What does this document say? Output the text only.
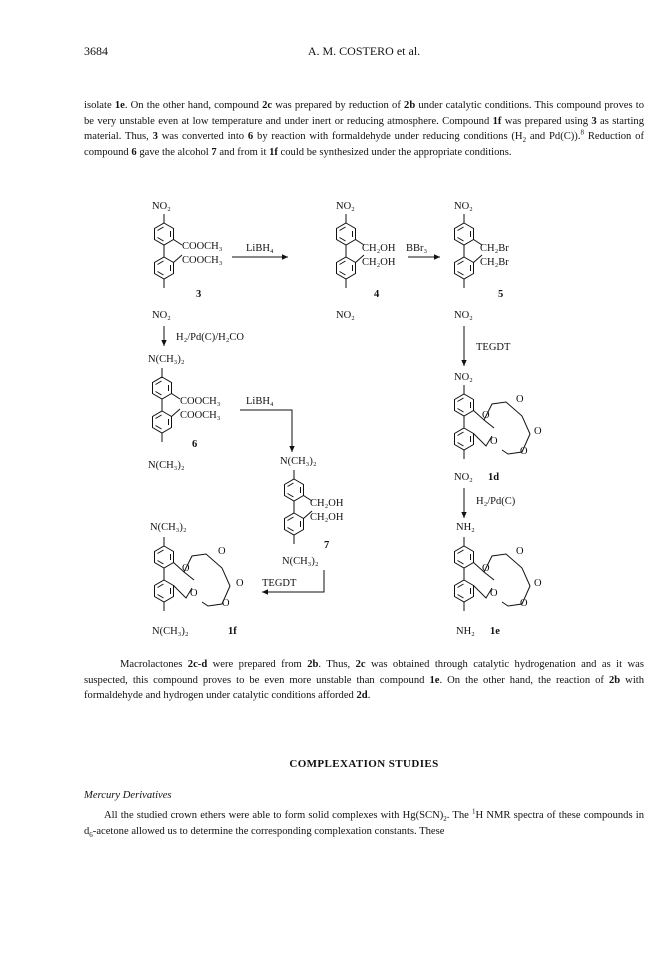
3684	A. M. COSTERO et al.
isolate 1e. On the other hand, compound 2c was prepared by reduction of 2b under catalytic conditions. This compound proves to be very unstable even at low temperature and under inert or reducing atmosphere. Compound 1f was prepared using 3 as starting material. Thus, 3 was converted into 6 by reaction with formaldehyde under reducing conditions ($H_2$ and Pd(C)).$^8$ Reduction of compound 6 gave the alcohol 7 and from it 1f could be synthesized under the appropriate conditions.
NO₂
COOCH₃
COOCH₃
3
NO₂
LiBH₄
NO₂
CH₂OH
CH₂OH
4
NO₂
BBr₃
NO₂
CH₂Br
CH₂Br
5
NO₂
H₂/Pd(C)/H₂CO
N(CH₃)₂
COOCH₃
COOCH₃
6
N(CH₃)₂
LiBH₄
N(CH₃)₂
CH₂OH
CH₂OH
7
N(CH₃)₂
TEGDT
N(CH₃)₂
O
O
O
O
O
N(CH₃)₂	1f
TEGDT
NO₂
O
O
O
O
O
NO₂ 1d
H₂/Pd(C)
NH₂
O
O
O
O
O
NH₂ 1e
Macrolactones 2c-d were prepared from 2b. Thus, 2c was obtained through catalytic hydrogenation and as it was suspected, this compound proves to be even more unstable than compound 1e. On the other hand, the reaction of 2b with formaldehyde and hydrogen under catalytic conditions afforded 2d.
COMPLEXATION STUDIES
Mercury Derivatives
All the studied crown ethers were able to form solid complexes with $Hg(SCN)_2$. The $^1$H NMR spectra of these compounds in $d_6$-acetone allowed us to determine the corresponding complexation constants. These
